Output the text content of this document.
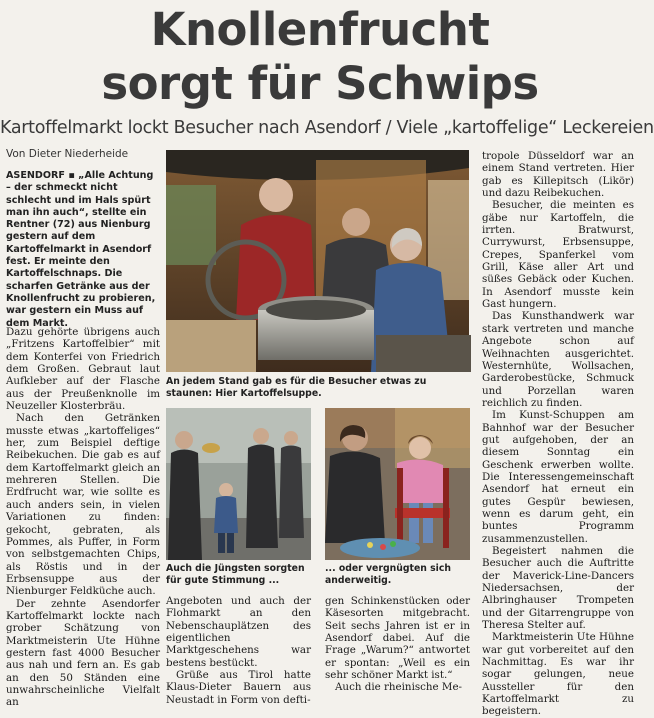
Knollenfrucht
sorgt für Schwips
Kartoffelmarkt lockt Besucher nach Asendorf / Viele „kartoffelige“ Leckereien
Von Dieter Niederheide
ASENDORF ▪ „Alle Achtung – der schmeckt nicht schlecht und im Hals spürt man ihn auch“, stellte ein Rentner (72) aus Nienburg gestern auf dem Kartoffelmarkt in Asendorf fest. Er meinte den Kartoffelschnaps. Die scharfen Getränke aus der Knollenfrucht zu probieren, war gestern ein Muss auf dem Markt.

Dazu gehörte übrigens auch „Fritzens Kartoffelbier“ mit dem Konterfei von Friedrich dem Großen. Gebraut laut Aufkleber auf der Flasche aus der Preußenknolle im Neuzeller Klosterbräu.

Nach den Getränken musste etwas „kartoffeliges“ her, zum Beispiel deftige Reibekuchen. Die gab es auf dem Kartoffelmarkt gleich an mehreren Stellen. Die Erdfrucht war, wie sollte es auch anders sein, in vielen Variationen zu finden: gekocht, gebraten, als Pommes, als Puffer, in Form von selbstgemachten Chips, als Röstis und in der Erbsensuppe aus der Nienburger Feldküche auch.

Der zehnte Asendorfer Kartoffelmarkt lockte nach grober Schätzung von Marktmeisterin Ute Hühne gestern fast 4000 Besucher aus nah und fern an. Es gab an den 50 Ständen eine unwahrscheinliche Vielfalt an

An jedem Stand gab es für die Besucher etwas zu staunen: Hier Kartoffelsuppe.
Auch die Jüngsten sorgten für gute Stimmung ...
... oder vergnügten sich anderweitig.

Angeboten und auch der Flohmarkt an den Nebenschauplätzen des eigentlichen Marktgeschehens war bestens bestückt.

Grüße aus Tirol hatte Klaus-Dieter Bauern aus Neustadt in Form von defti-

gen Schinkenstücken oder Käsesorten mitgebracht. Seit sechs Jahren ist er in Asendorf dabei. Auf die Frage „Warum?“ antwortet er spontan: „Weil es ein sehr schöner Markt ist.“

Auch die rheinische Me-

tropole Düsseldorf war an einem Stand vertreten. Hier gab es Killepitsch (Likör) und dazu Reibekuchen.

Besucher, die meinten es gäbe nur Kartoffeln, die irrten. Bratwurst, Currywurst, Erbsensuppe, Crepes, Spanferkel vom Grill, Käse aller Art und süßes Gebäck oder Kuchen. In Asendorf musste kein Gast hungern.

Das Kunsthandwerk war stark vertreten und manche Angebote schon auf Weihnachten ausgerichtet. Westernhüte, Wollsachen, Garderobestücke, Schmuck und Porzellan waren reichlich zu finden.

Im Kunst-Schuppen am Bahnhof war der Besucher gut aufgehoben, der an diesem Sonntag ein Geschenk erwerben wollte. Die Interessengemeinschaft Asendorf hat erneut ein gutes Gespür bewiesen, wenn es darum geht, ein buntes Programm zusammenzustellen.

Begeistert nahmen die Besucher auch die Auftritte der Maverick-Line-Dancers Niedersachsen, der Albringhauser Trompeten und der Gitarrengruppe von Theresa Stelter auf.

Marktmeisterin Ute Hühne war gut vorbereitet auf den Nachmittag. Es war ihr sogar gelungen, neue Aussteller für den Kartoffelmarkt zu begeistern.
